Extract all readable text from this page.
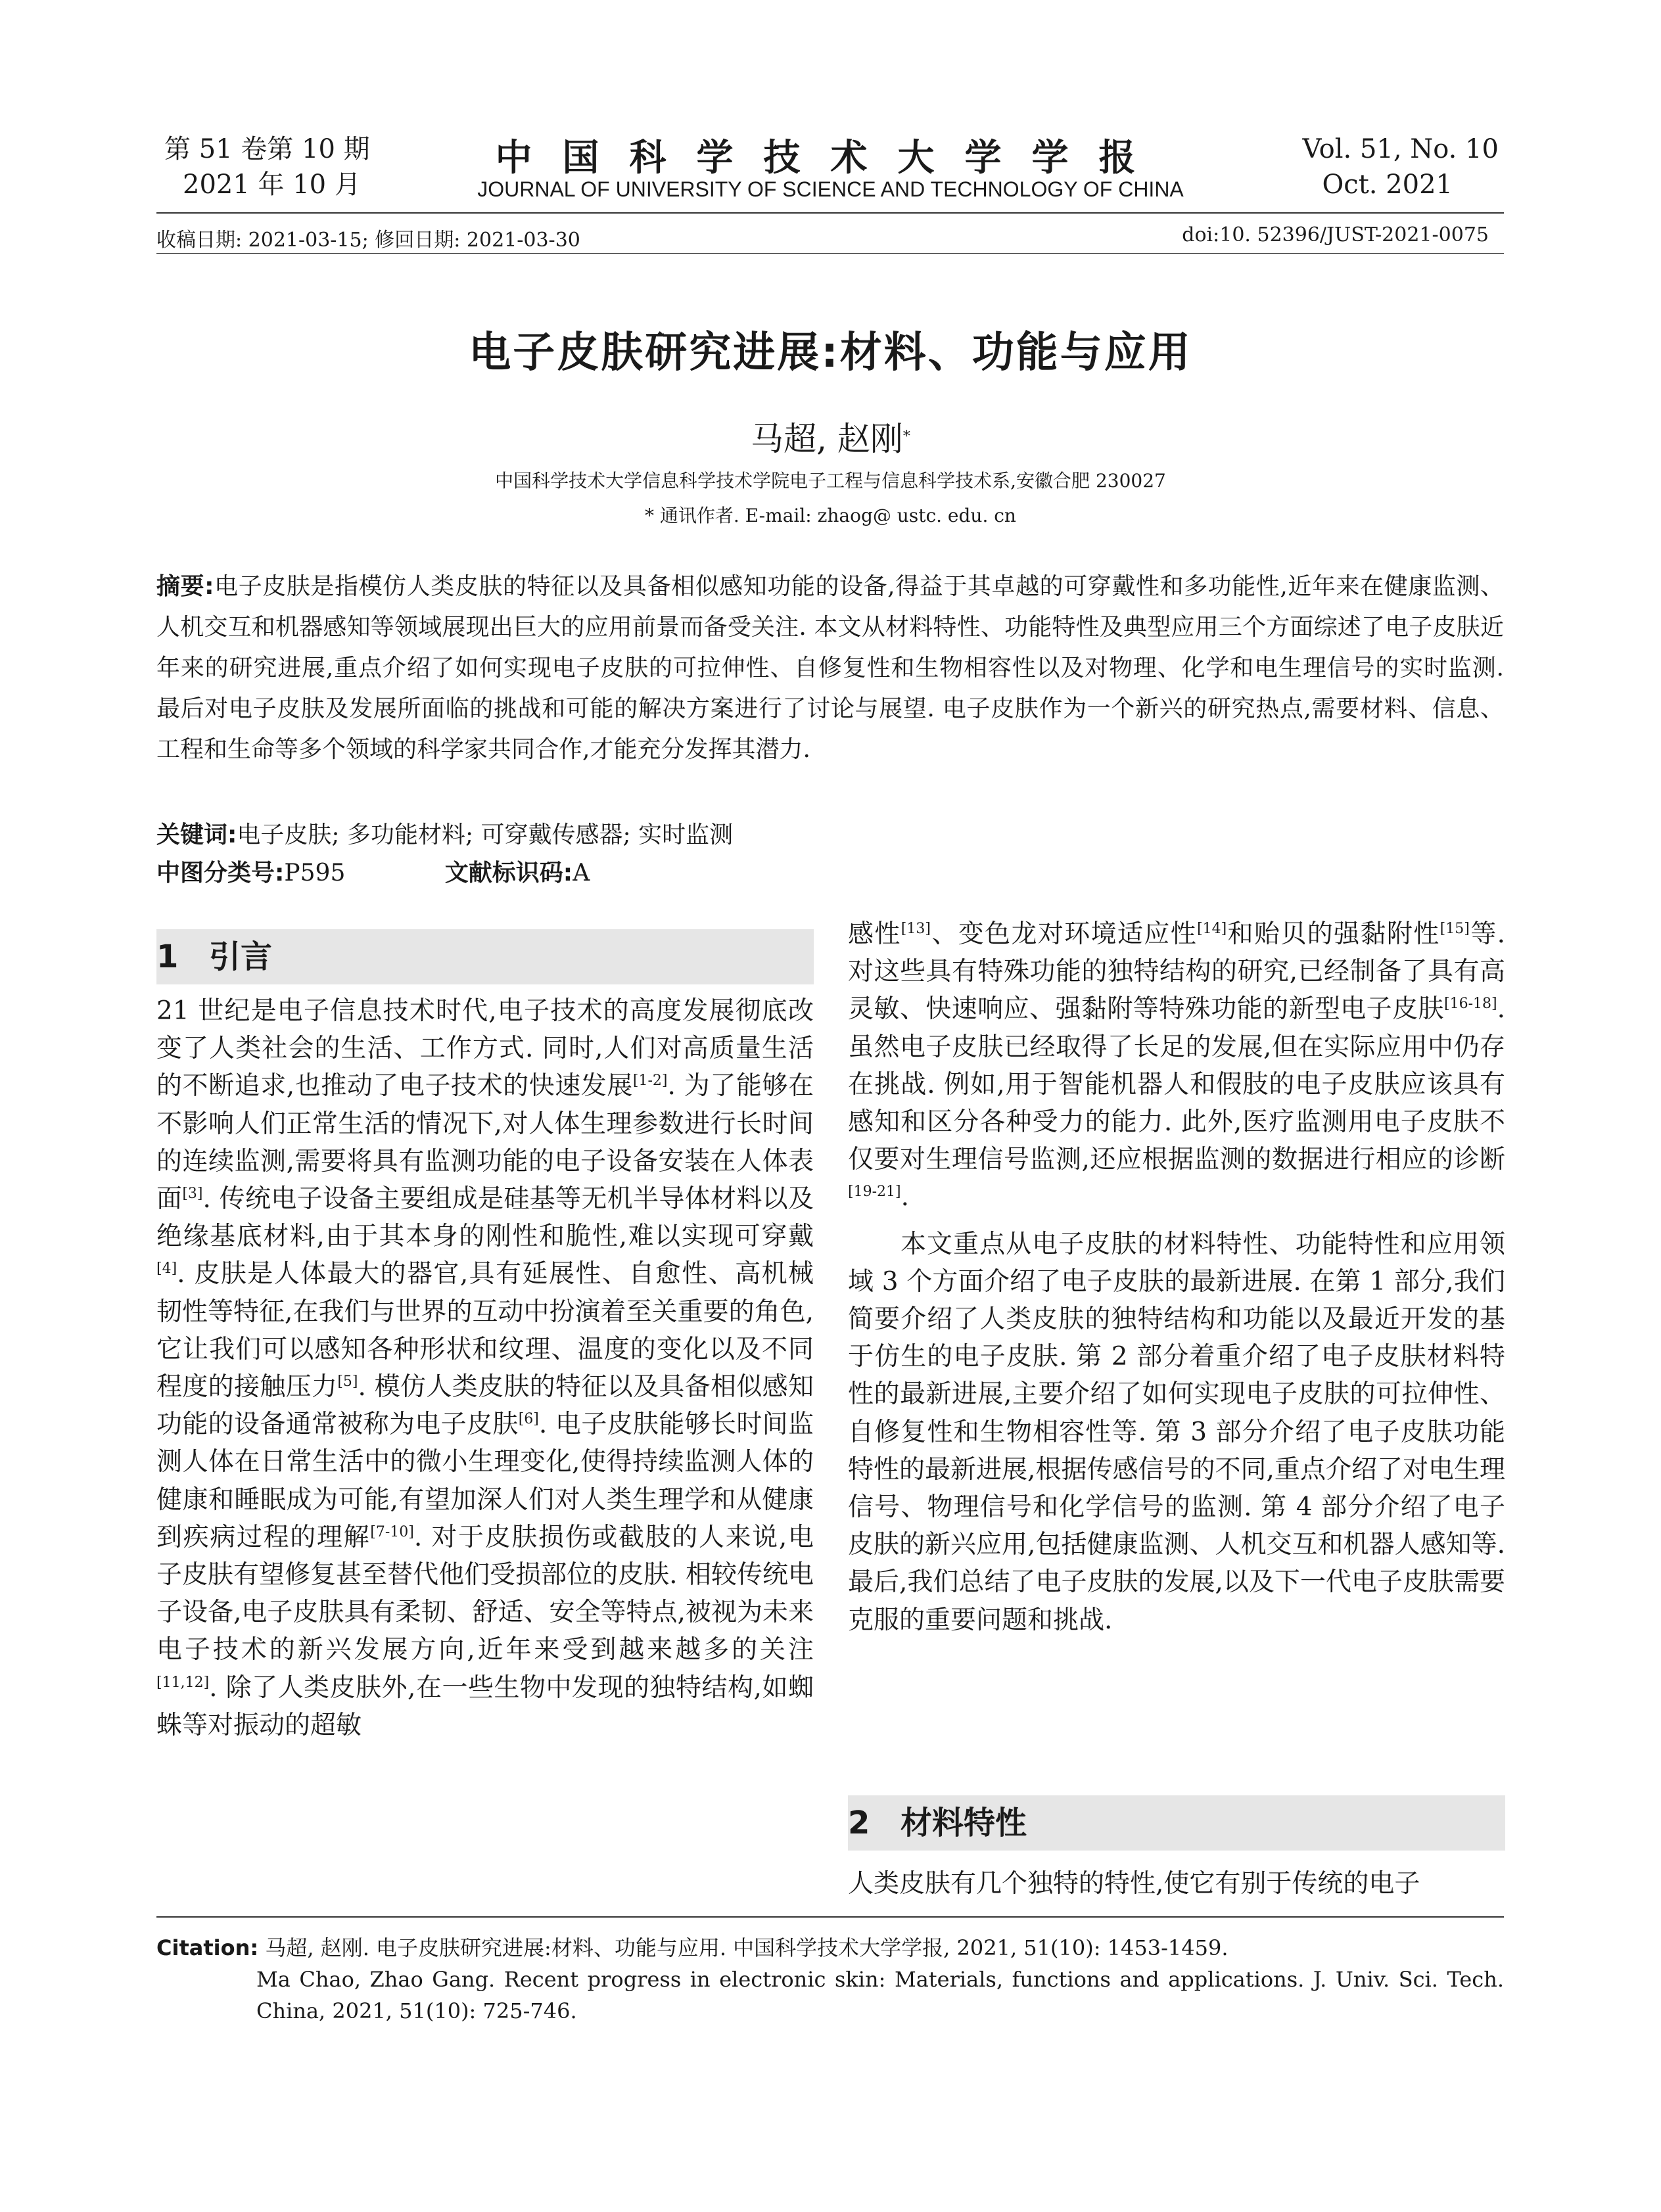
第 51 卷第 10 期
2021 年 10 月
中国科学技术大学学报
JOURNAL OF UNIVERSITY OF SCIENCE AND TECHNOLOGY OF CHINA
Vol. 51, No. 10
Oct. 2021
收稿日期: 2021-03-15; 修回日期: 2021-03-30	doi:10. 52396/JUST-2021-0075
电子皮肤研究进展:材料、功能与应用
马超, 赵刚*
中国科学技术大学信息科学技术学院电子工程与信息科学技术系,安徽合肥 230027
* 通讯作者. E-mail: zhaog@ ustc. edu. cn
摘要:电子皮肤是指模仿人类皮肤的特征以及具备相似感知功能的设备,得益于其卓越的可穿戴性和多功能性,近年来在健康监测、人机交互和机器感知等领域展现出巨大的应用前景而备受关注. 本文从材料特性、功能特性及典型应用三个方面综述了电子皮肤近年来的研究进展,重点介绍了如何实现电子皮肤的可拉伸性、自修复性和生物相容性以及对物理、化学和电生理信号的实时监测. 最后对电子皮肤及发展所面临的挑战和可能的解决方案进行了讨论与展望. 电子皮肤作为一个新兴的研究热点,需要材料、信息、工程和生命等多个领域的科学家共同合作,才能充分发挥其潜力.
关键词:电子皮肤; 多功能材料; 可穿戴传感器; 实时监测
中图分类号:P595	文献标识码:A
1 引言

21 世纪是电子信息技术时代,电子技术的高度发展彻底改变了人类社会的生活、工作方式. 同时,人们对高质量生活的不断追求,也推动了电子技术的快速发展[1-2]. 为了能够在不影响人们正常生活的情况下,对人体生理参数进行长时间的连续监测,需要将具有监测功能的电子设备安装在人体表面[3]. 传统电子设备主要组成是硅基等无机半导体材料以及绝缘基底材料,由于其本身的刚性和脆性,难以实现可穿戴[4]. 皮肤是人体最大的器官,具有延展性、自愈性、高机械韧性等特征,在我们与世界的互动中扮演着至关重要的角色,它让我们可以感知各种形状和纹理、温度的变化以及不同程度的接触压力[5]. 模仿人类皮肤的特征以及具备相似感知功能的设备通常被称为电子皮肤[6]. 电子皮肤能够长时间监测人体在日常生活中的微小生理变化,使得持续监测人体的健康和睡眠成为可能,有望加深人们对人类生理学和从健康到疾病过程的理解[7-10]. 对于皮肤损伤或截肢的人来说,电子皮肤有望修复甚至替代他们受损部位的皮肤. 相较传统电子设备,电子皮肤具有柔韧、舒适、安全等特点,被视为未来电子技术的新兴发展方向,近年来受到越来越多的关注[11,12]. 除了人类皮肤外,在一些生物中发现的独特结构,如蜘蛛等对振动的超敏

感性[13]、变色龙对环境适应性[14]和贻贝的强黏附性[15]等. 对这些具有特殊功能的独特结构的研究,已经制备了具有高灵敏、快速响应、强黏附等特殊功能的新型电子皮肤[16-18]. 虽然电子皮肤已经取得了长足的发展,但在实际应用中仍存在挑战. 例如,用于智能机器人和假肢的电子皮肤应该具有感知和区分各种受力的能力. 此外,医疗监测用电子皮肤不仅要对生理信号监测,还应根据监测的数据进行相应的诊断[19-21].

本文重点从电子皮肤的材料特性、功能特性和应用领域 3 个方面介绍了电子皮肤的最新进展. 在第 1 部分,我们简要介绍了人类皮肤的独特结构和功能以及最近开发的基于仿生的电子皮肤. 第 2 部分着重介绍了电子皮肤材料特性的最新进展,主要介绍了如何实现电子皮肤的可拉伸性、自修复性和生物相容性等. 第 3 部分介绍了电子皮肤功能特性的最新进展,根据传感信号的不同,重点介绍了对电生理信号、物理信号和化学信号的监测. 第 4 部分介绍了电子皮肤的新兴应用,包括健康监测、人机交互和机器人感知等. 最后,我们总结了电子皮肤的发展,以及下一代电子皮肤需要克服的重要问题和挑战.

2 材料特性

人类皮肤有几个独特的特性,使它有别于传统的电子

Citation: 马超, 赵刚. 电子皮肤研究进展:材料、功能与应用. 中国科学技术大学学报, 2021, 51(10): 1453-1459.
Ma Chao, Zhao Gang. Recent progress in electronic skin: Materials, functions and applications. J. Univ. Sci. Tech. China, 2021, 51(10): 725-746.
